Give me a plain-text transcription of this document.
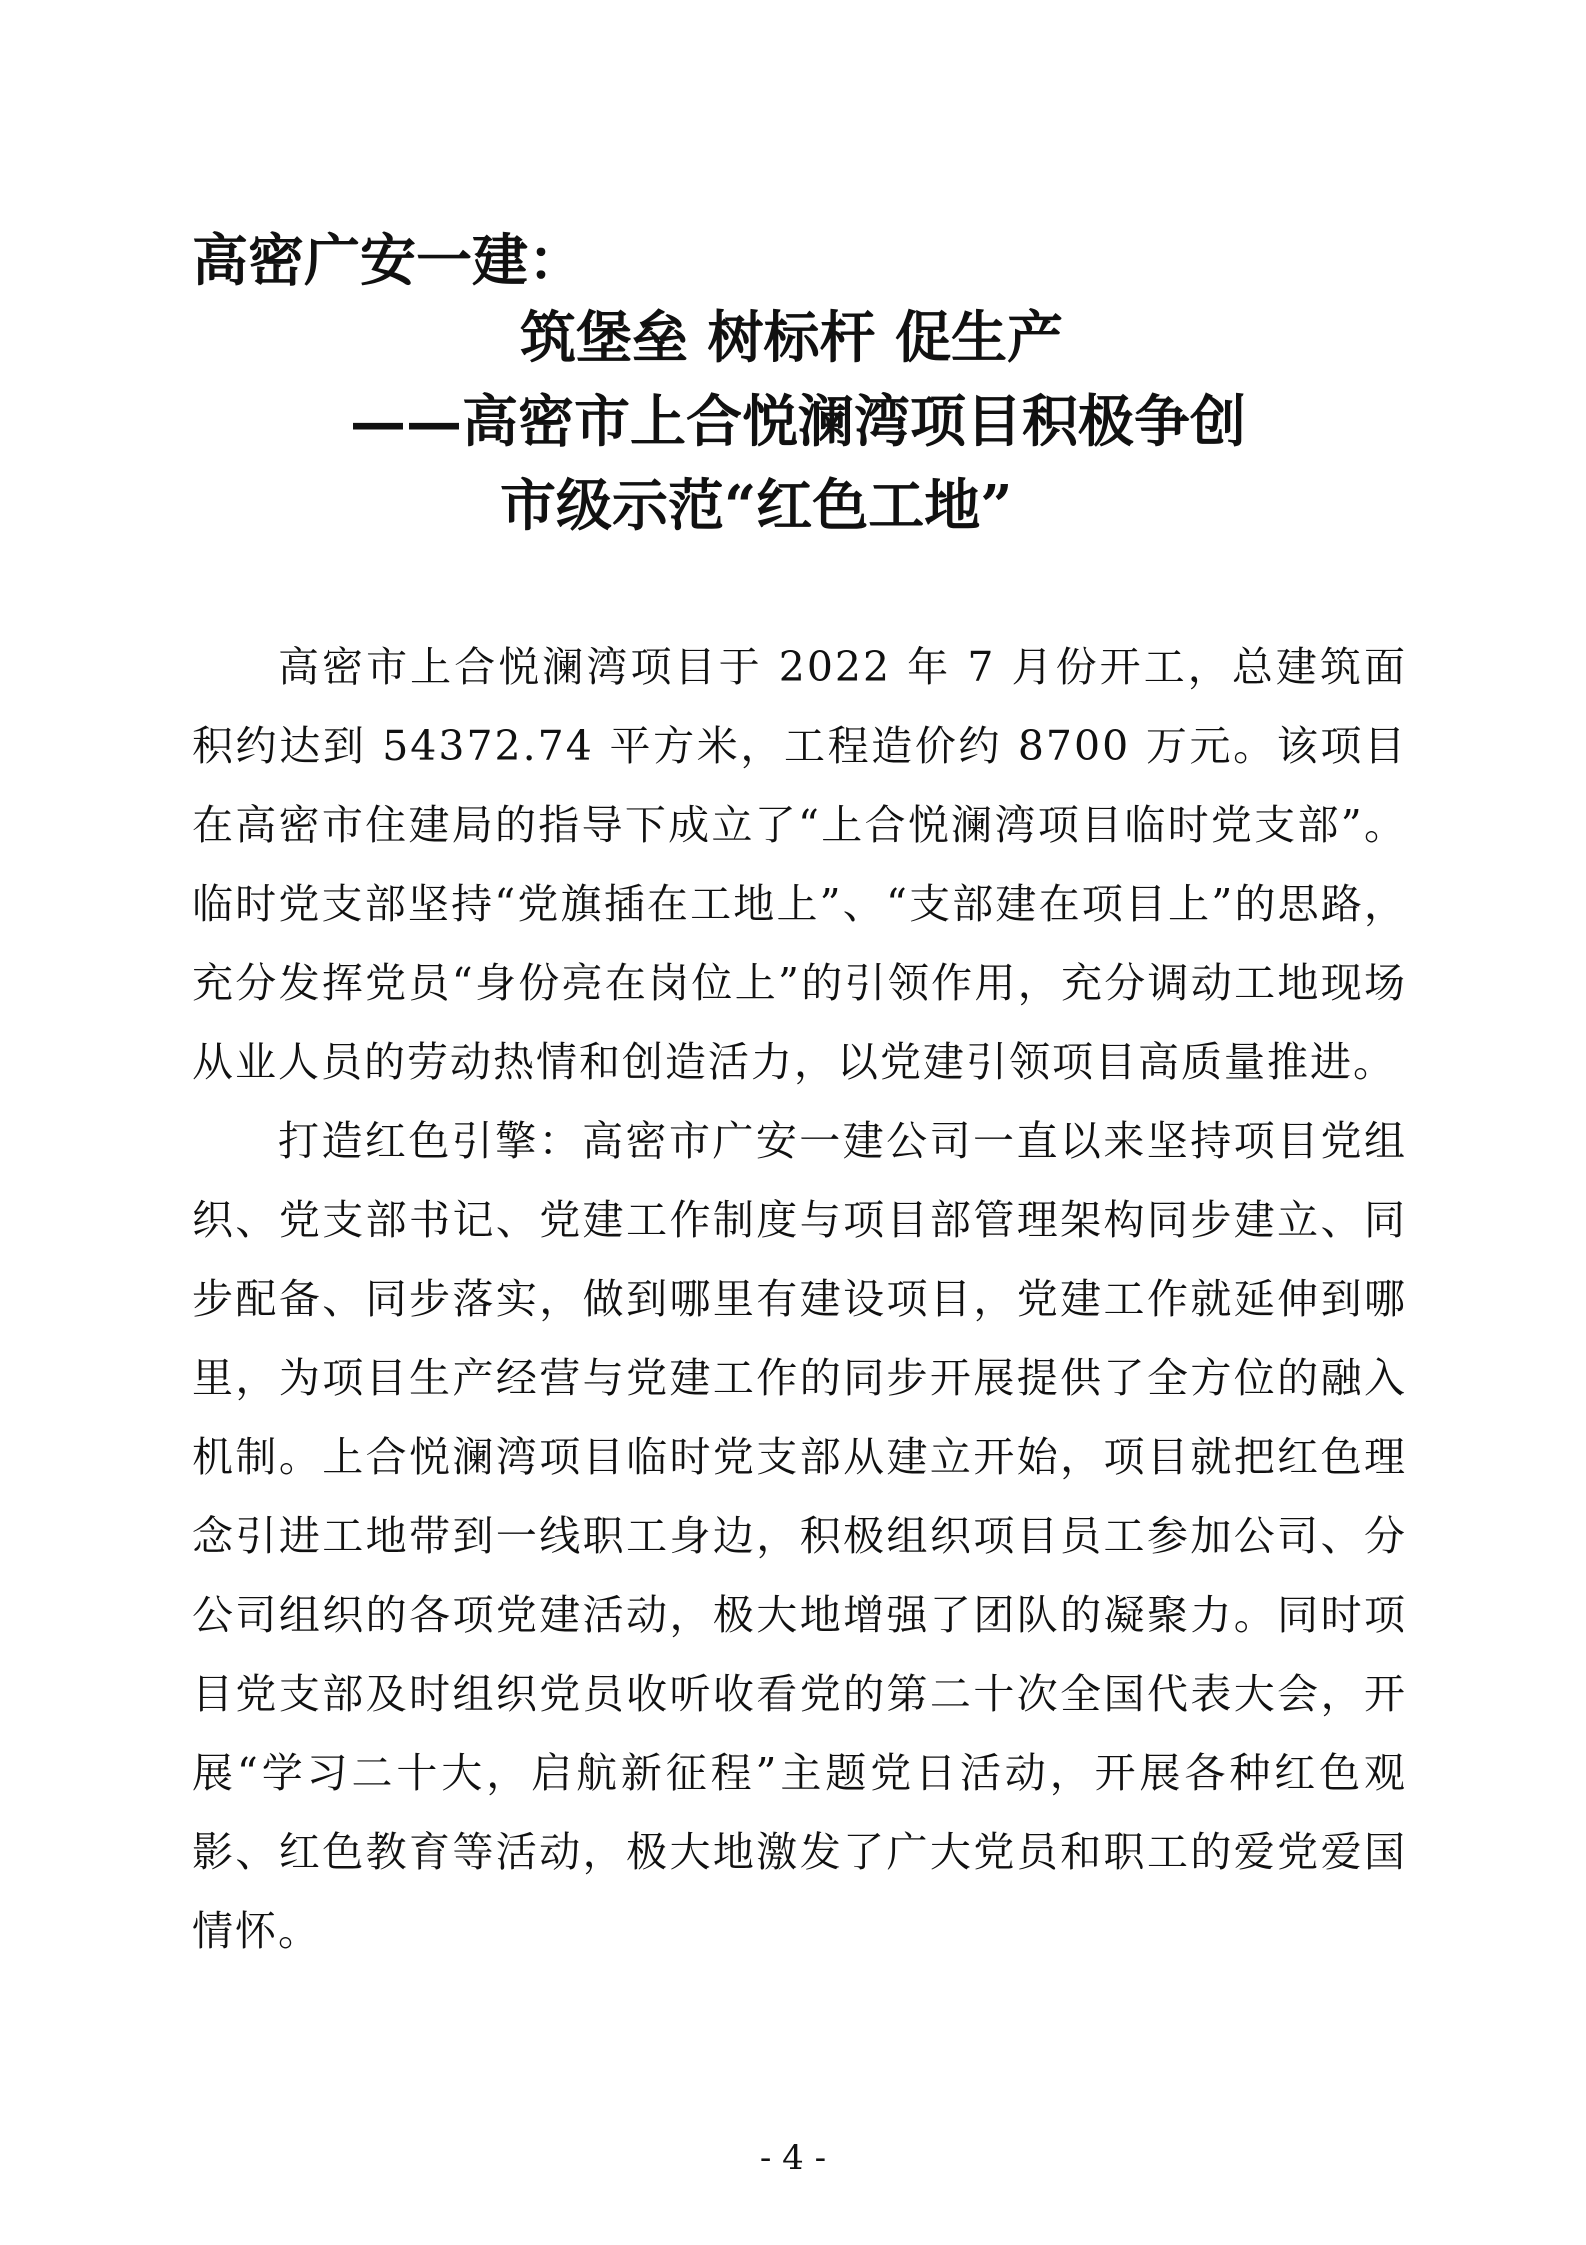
高密广安一建：
筑堡垒 树标杆 促生产
——高密市上合悦澜湾项目积极争创
市级示范“红色工地”

高密市上合悦澜湾项目于 2022 年 7 月份开工，总建筑面积约达到 54372.74 平方米，工程造价约 8700 万元。该项目在高密市住建局的指导下成立了“上合悦澜湾项目临时党支部”。临时党支部坚持“党旗插在工地上”、“支部建在项目上”的思路，充分发挥党员“身份亮在岗位上”的引领作用，充分调动工地现场从业人员的劳动热情和创造活力，以党建引领项目高质量推进。

打造红色引擎：高密市广安一建公司一直以来坚持项目党组织、党支部书记、党建工作制度与项目部管理架构同步建立、同步配备、同步落实，做到哪里有建设项目，党建工作就延伸到哪里，为项目生产经营与党建工作的同步开展提供了全方位的融入机制。上合悦澜湾项目临时党支部从建立开始，项目就把红色理念引进工地带到一线职工身边，积极组织项目员工参加公司、分公司组织的各项党建活动，极大地增强了团队的凝聚力。同时项目党支部及时组织党员收听收看党的第二十次全国代表大会，开展“学习二十大，启航新征程”主题党日活动，开展各种红色观影、红色教育等活动，极大地激发了广大党员和职工的爱党爱国情怀。

- 4 -
